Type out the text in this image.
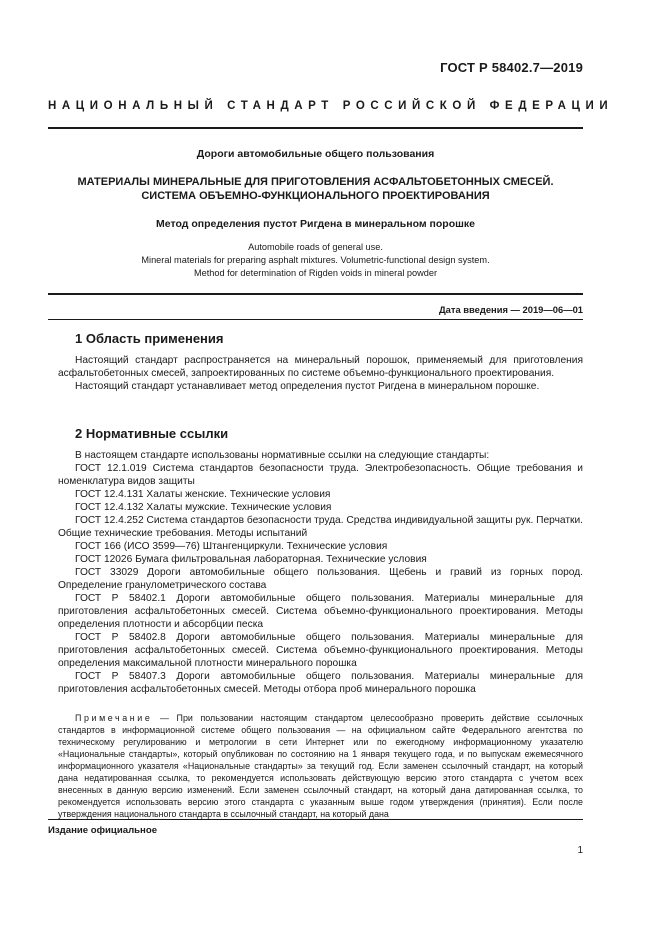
ГОСТ Р 58402.7—2019
НАЦИОНАЛЬНЫЙ СТАНДАРТ РОССИЙСКОЙ ФЕДЕРАЦИИ
Дороги автомобильные общего пользования
МАТЕРИАЛЫ МИНЕРАЛЬНЫЕ ДЛЯ ПРИГОТОВЛЕНИЯ АСФАЛЬТОБЕТОННЫХ СМЕСЕЙ.
СИСТЕМА ОБЪЕМНО-ФУНКЦИОНАЛЬНОГО ПРОЕКТИРОВАНИЯ
Метод определения пустот Ригдена в минеральном порошке
Automobile roads of general use.
Mineral materials for preparing asphalt mixtures. Volumetric-functional design system.
Method for determination of Rigden voids in mineral powder
Дата введения — 2019—06—01
1 Область применения

Настоящий стандарт распространяется на минеральный порошок, применяемый для приготовления асфальтобетонных смесей, запроектированных по системе объемно-функционального проектирования.

Настоящий стандарт устанавливает метод определения пустот Ригдена в минеральном порошке.

2 Нормативные ссылки

В настоящем стандарте использованы нормативные ссылки на следующие стандарты:

ГОСТ 12.1.019 Система стандартов безопасности труда. Электробезопасность. Общие требования и номенклатура видов защиты

ГОСТ 12.4.131 Халаты женские. Технические условия

ГОСТ 12.4.132 Халаты мужские. Технические условия

ГОСТ 12.4.252 Система стандартов безопасности труда. Средства индивидуальной защиты рук. Перчатки. Общие технические требования. Методы испытаний

ГОСТ 166 (ИСО 3599—76) Штангенциркули. Технические условия

ГОСТ 12026 Бумага фильтровальная лабораторная. Технические условия

ГОСТ 33029 Дороги автомобильные общего пользования. Щебень и гравий из горных пород. Определение гранулометрического состава

ГОСТ Р 58402.1 Дороги автомобильные общего пользования. Материалы минеральные для приготовления асфальтобетонных смесей. Система объемно-функционального проектирования. Методы определения плотности и абсорбции песка

ГОСТ Р 58402.8 Дороги автомобильные общего пользования. Материалы минеральные для приготовления асфальтобетонных смесей. Система объемно-функционального проектирования. Методы определения максимальной плотности минерального порошка

ГОСТ Р 58407.3 Дороги автомобильные общего пользования. Материалы минеральные для приготовления асфальтобетонных смесей. Методы отбора проб минерального порошка

Примечание — При пользовании настоящим стандартом целесообразно проверить действие ссылочных стандартов в информационной системе общего пользования — на официальном сайте Федерального агентства по техническому регулированию и метрологии в сети Интернет или по ежегодному информационному указателю «Национальные стандарты», который опубликован по состоянию на 1 января текущего года, и по выпускам ежемесячного информационного указателя «Национальные стандарты» за текущий год. Если заменен ссылочный стандарт, на который дана недатированная ссылка, то рекомендуется использовать действующую версию этого стандарта с учетом всех внесенных в данную версию изменений. Если заменен ссылочный стандарт, на который дана датированная ссылка, то рекомендуется использовать версию этого стандарта с указанным выше годом утверждения (принятия). Если после утверждения национального стандарта в ссылочный стандарт, на который дана

Издание официальное
1
